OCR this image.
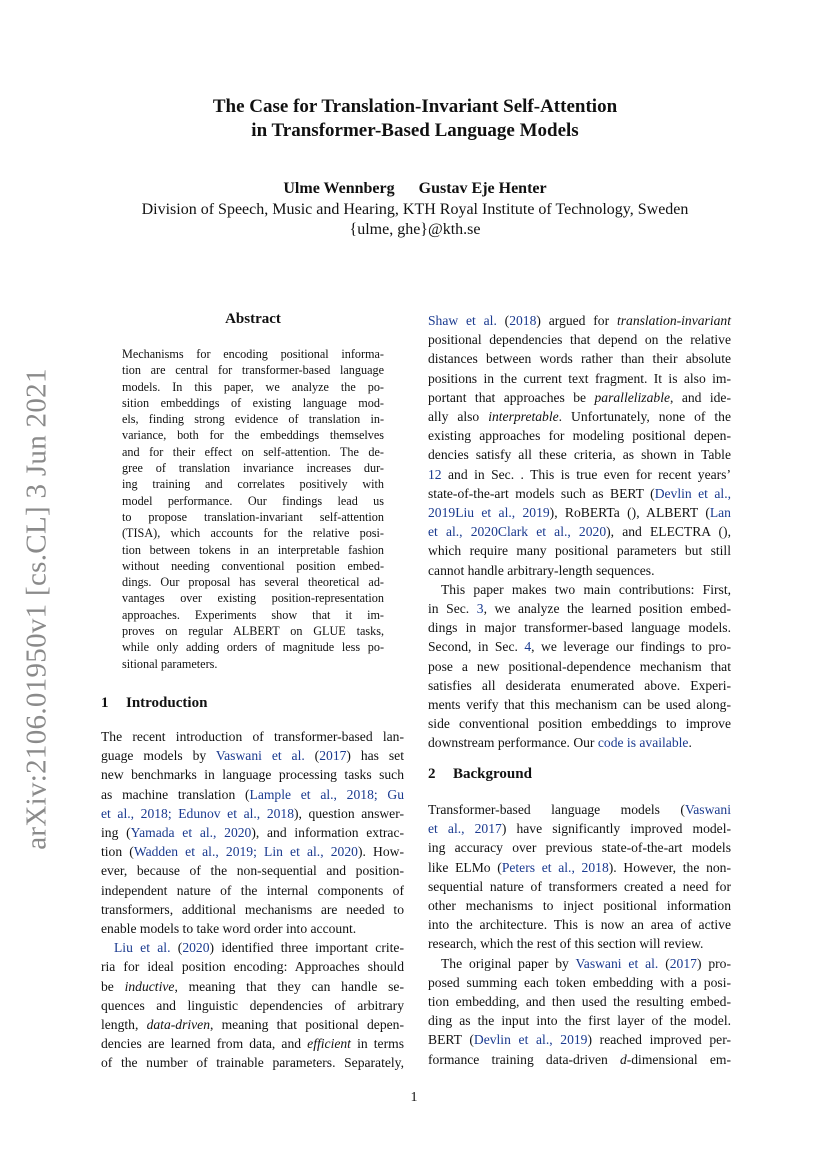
arXiv:2106.01950v1 [cs.CL] 3 Jun 2021
The Case for Translation-Invariant Self-Attention
in Transformer-Based Language Models
Ulme Wennberg      Gustav Eje Henter
Division of Speech, Music and Hearing, KTH Royal Institute of Technology, Sweden
{ulme, ghe}@kth.se
Abstract
Mechanisms for encoding positional informa-
tion are central for transformer-based language
models. In this paper, we analyze the po-
sition embeddings of existing language mod-
els, finding strong evidence of translation in-
variance, both for the embeddings themselves
and for their effect on self-attention. The de-
gree of translation invariance increases dur-
ing training and correlates positively with
model performance. Our findings lead us
to propose translation-invariant self-attention
(TISA), which accounts for the relative posi-
tion between tokens in an interpretable fashion
without needing conventional position embed-
dings. Our proposal has several theoretical ad-
vantages over existing position-representation
approaches. Experiments show that it im-
proves on regular ALBERT on GLUE tasks,
while only adding orders of magnitude less po-
sitional parameters.
1 Introduction
The recent introduction of transformer-based lan-
guage models by Vaswani et al. (2017) has set
new benchmarks in language processing tasks such
as machine translation (Lample et al., 2018; Gu
et al., 2018; Edunov et al., 2018), question answer-
ing (Yamada et al., 2020), and information extrac-
tion (Wadden et al., 2019; Lin et al., 2020). How-
ever, because of the non-sequential and position-
independent nature of the internal components of
transformers, additional mechanisms are needed to
enable models to take word order into account.
Liu et al. (2020) identified three important crite-
ria for ideal position encoding: Approaches should
be inductive, meaning that they can handle se-
quences and linguistic dependencies of arbitrary
length, data-driven, meaning that positional depen-
dencies are learned from data, and efficient in terms
of the number of trainable parameters. Separately,
Shaw et al. (2018) argued for translation-invariant
positional dependencies that depend on the relative
distances between words rather than their absolute
positions in the current text fragment. It is also im-
portant that approaches be parallelizable, and ide-
ally also interpretable. Unfortunately, none of the
existing approaches for modeling positional depen-
dencies satisfy all these criteria, as shown in Table
12 and in Sec. . This is true even for recent years’
state-of-the-art models such as BERT (Devlin et al.,
2019Liu et al., 2019), RoBERTa (), ALBERT (Lan
et al., 2020Clark et al., 2020), and ELECTRA (),
which require many positional parameters but still
cannot handle arbitrary-length sequences.
This paper makes two main contributions: First,
in Sec. 3, we analyze the learned position embed-
dings in major transformer-based language models.
Second, in Sec. 4, we leverage our findings to pro-
pose a new positional-dependence mechanism that
satisfies all desiderata enumerated above. Experi-
ments verify that this mechanism can be used along-
side conventional position embeddings to improve
downstream performance. Our code is available.
2 Background
Transformer-based language models (Vaswani
et al., 2017) have significantly improved model-
ing accuracy over previous state-of-the-art models
like ELMo (Peters et al., 2018). However, the non-
sequential nature of transformers created a need for
other mechanisms to inject positional information
into the architecture. This is now an area of active
research, which the rest of this section will review.
The original paper by Vaswani et al. (2017) pro-
posed summing each token embedding with a posi-
tion embedding, and then used the resulting embed-
ding as the input into the first layer of the model.
BERT (Devlin et al., 2019) reached improved per-
formance training data-driven d-dimensional em-
1
